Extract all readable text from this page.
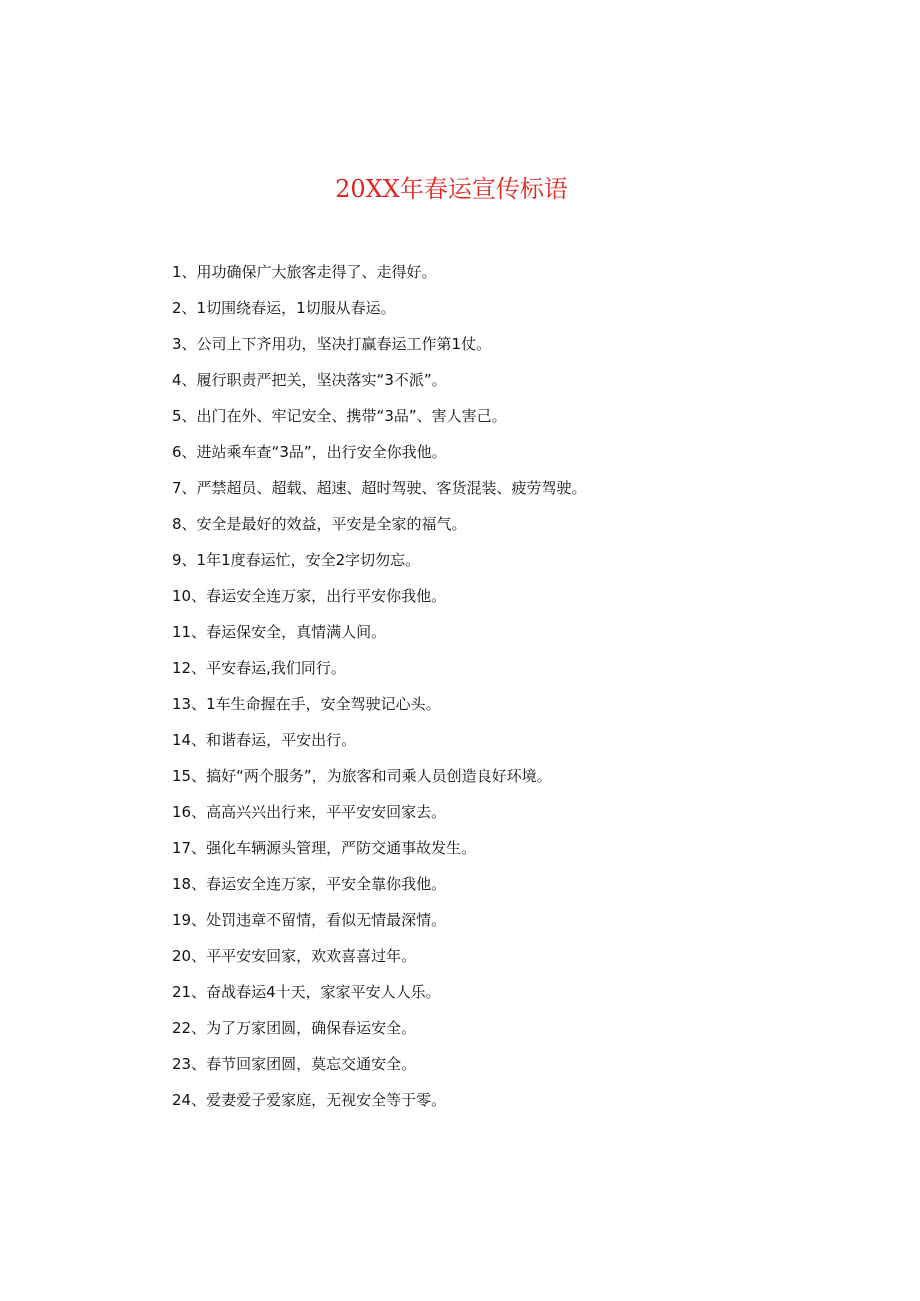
20XX年春运宣传标语
1、用功确保广大旅客走得了、走得好。
2、1切围绕春运，1切服从春运。
3、公司上下齐用功，坚决打赢春运工作第1仗。
4、履行职责严把关，坚决落实“3不派”。
5、出门在外、牢记安全、携带“3品”、害人害己。
6、进站乘车查“3品”，出行安全你我他。
7、严禁超员、超载、超速、超时驾驶、客货混装、疲劳驾驶。
8、安全是最好的效益，平安是全家的福气。
9、1年1度春运忙，安全2字切勿忘。
10、春运安全连万家，出行平安你我他。
11、春运保安全，真情满人间。
12、平安春运,我们同行。
13、1车生命握在手，安全驾驶记心头。
14、和谐春运，平安出行。
15、搞好“两个服务”，为旅客和司乘人员创造良好环境。
16、高高兴兴出行来，平平安安回家去。
17、强化车辆源头管理，严防交通事故发生。
18、春运安全连万家，平安全靠你我他。
19、处罚违章不留情，看似无情最深情。
20、平平安安回家，欢欢喜喜过年。
21、奋战春运4十天，家家平安人人乐。
22、为了万家团圆，确保春运安全。
23、春节回家团圆，莫忘交通安全。
24、爱妻爱子爱家庭，无视安全等于零。
